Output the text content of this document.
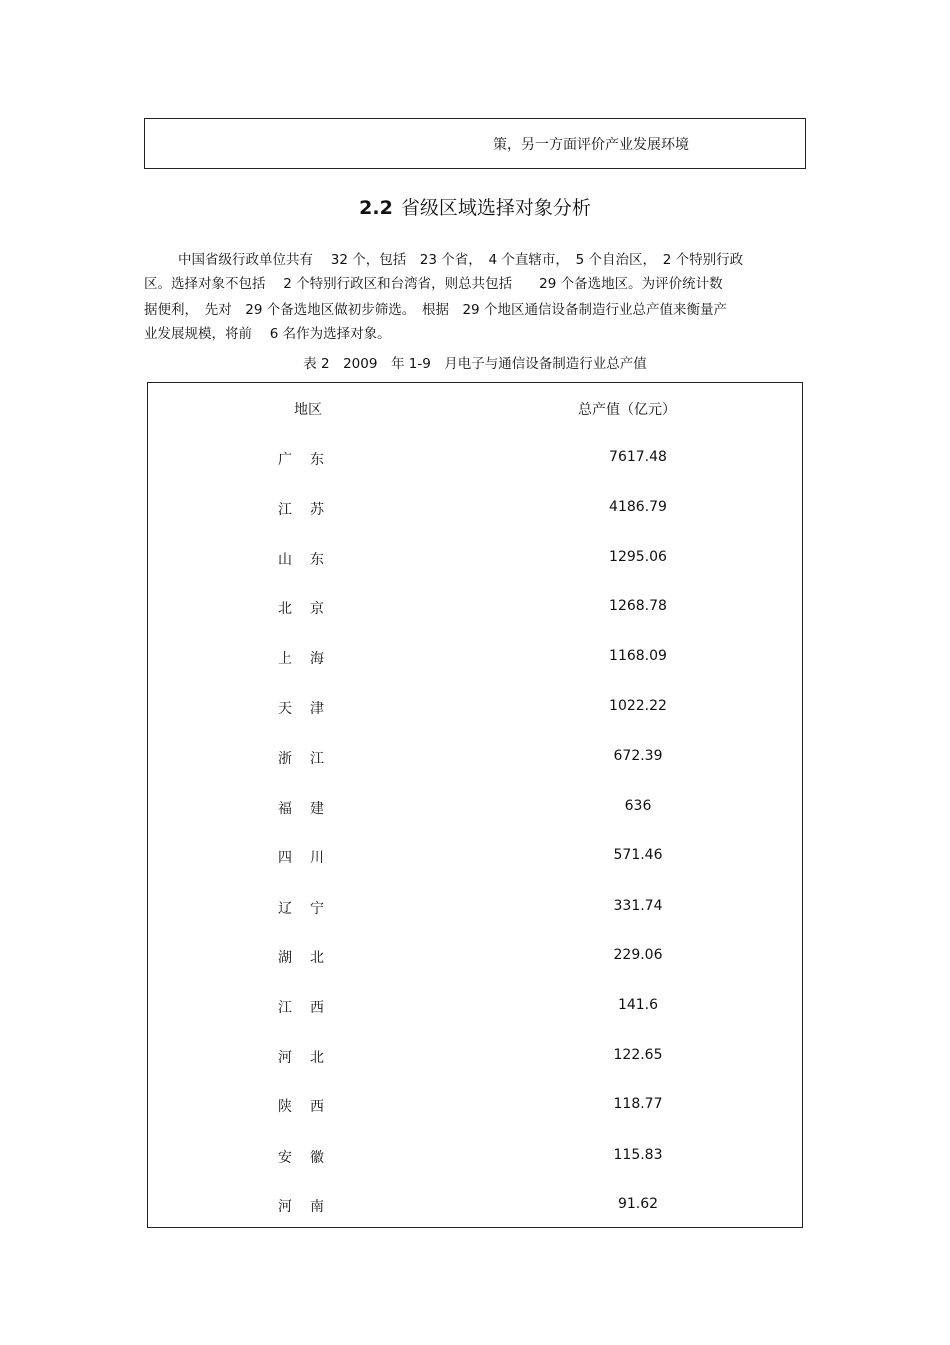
策，另一方面评价产业发展环境
2.2 省级区域选择对象分析
中国省级行政单位共有　 32 个，包括　23 个省，　4 个直辖市，　5 个自治区，　2 个特别行政
区。选择对象不包括　 2 个特别行政区和台湾省，则总共包括　　29 个备选地区。为评价统计数
据便利，　先对　29 个备选地区做初步筛选。　根据　29 个地区通信设备制造行业总产值来衡量产
业发展规模，将前　 6 名作为选择对象。
表 2　2009　年 1-9　月电子与通信设备制造行业总产值
地区	总产值（亿元）
广东	7617.48
江苏	4186.79
山东	1295.06
北京	1268.78
上海	1168.09
天津	1022.22
浙江	672.39
福建	636
四川	571.46
辽宁	331.74
湖北	229.06
江西	141.6
河北	122.65
陕西	118.77
安徽	115.83
河南	91.62
